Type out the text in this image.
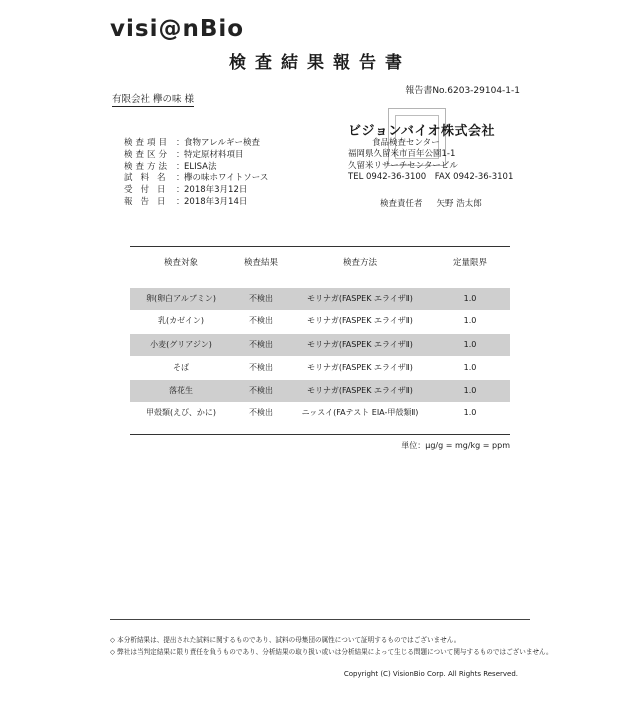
visi@nBio
検査結果報告書
報告書No.6203-29104-1-1
有限会社 欅の味 様
検査項目 ： 食物アレルギー検査
検査区分 ： 特定原材料項目
検査方法 ： ELISA法
試料名 ： 欅の味ホワイトソース
受付日 ： 2018年3月12日
報告日 ： 2018年3月14日
ビジョンバイオ株式会社
食品検査センター
福岡県久留米市百年公園1-1
久留米リサーチセンタービル
TEL 0942-36-3100　FAX 0942-36-3101
検査責任者 矢野 浩太郎
検査対象	検査結果	検査方法	定量限界
卵(卵白アルブミン)	不検出	モリナガ(FASPEK エライザⅡ)	1.0
乳(カゼイン)	不検出	モリナガ(FASPEK エライザⅡ)	1.0
小麦(グリアジン)	不検出	モリナガ(FASPEK エライザⅡ)	1.0
そば	不検出	モリナガ(FASPEK エライザⅡ)	1.0
落花生	不検出	モリナガ(FASPEK エライザⅡ)	1.0
甲殻類(えび、かに)	不検出	ニッスイ(FAテスト EIA-甲殻類Ⅱ)	1.0
単位：μg/g = mg/kg = ppm
◇ 本分析結果は、提出された試料に関するものであり、試料の母集団の属性について証明するものではございません。
◇ 弊社は当判定結果に限り責任を負うものであり、分析結果の取り扱い或いは分析結果によって生じる問題について関与するものではございません。
Copyright (C) VisionBio Corp. All Rights Reserved.
